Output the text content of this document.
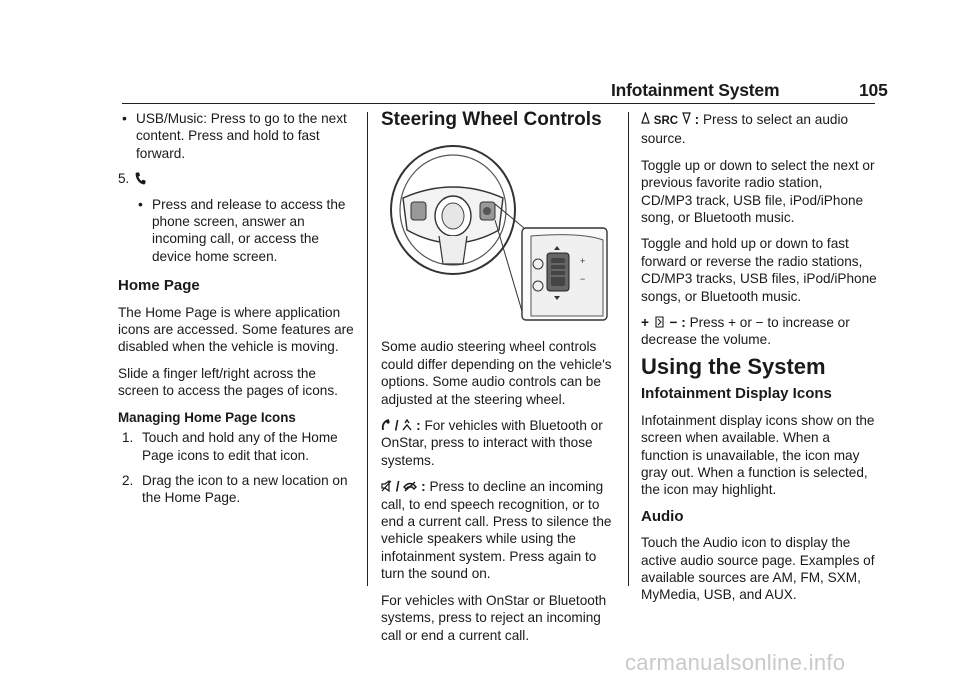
Infotainment System	105
• USB/Music: Press to go to the next content. Press and hold to fast forward.
5.
• Press and release to access the phone screen, answer an incoming call, or access the device home screen.
Home Page

The Home Page is where application icons are accessed. Some features are disabled when the vehicle is moving.

Slide a finger left/right across the screen to access the pages of icons.

Managing Home Page Icons
1. Touch and hold any of the Home Page icons to edit that icon.
2. Drag the icon to a new location on the Home Page.
Steering Wheel Controls
+
−

Some audio steering wheel controls could differ depending on the vehicle's options. Some audio controls can be adjusted at the steering wheel.

/ : For vehicles with Bluetooth or OnStar, press to interact with those systems.

/ : Press to decline an incoming call, to end speech recognition, or to end a current call. Press to silence the vehicle speakers while using the infotainment system. Press again to turn the sound on.

For vehicles with OnStar or Bluetooth systems, press to reject an incoming call or end a current call.

SRC : Press to select an audio source.

Toggle up or down to select the next or previous favorite radio station, CD/MP3 track, USB file, iPod/iPhone song, or Bluetooth music.

Toggle and hold up or down to fast forward or reverse the radio stations, CD/MP3 tracks, USB files, iPod/iPhone songs, or Bluetooth music.

+ − : Press + or − to increase or decrease the volume.

Using the System
Infotainment Display Icons

Infotainment display icons show on the screen when available. When a function is unavailable, the icon may gray out. When a function is selected, the icon may highlight.

Audio

Touch the Audio icon to display the active audio source page. Examples of available sources are AM, FM, SXM, MyMedia, USB, and AUX.

carmanualsonline.info
